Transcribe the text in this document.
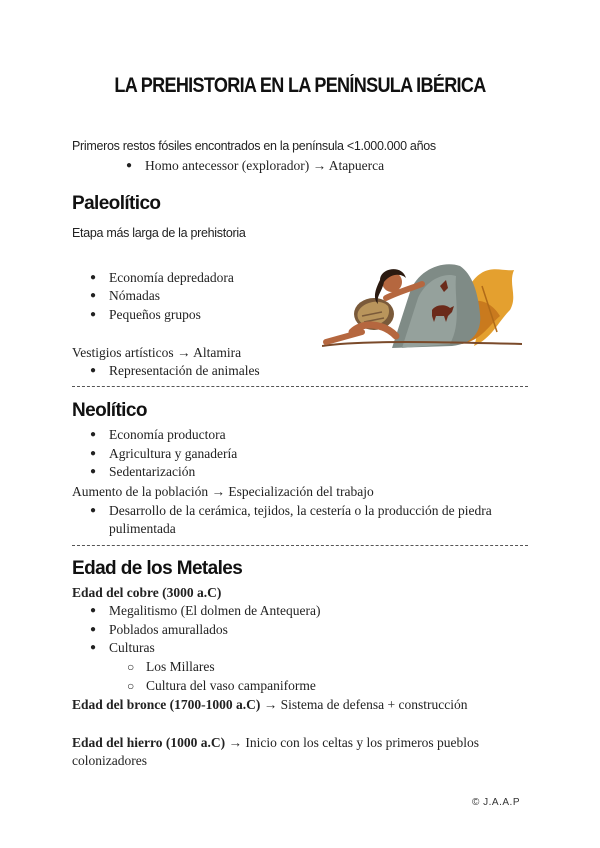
LA PREHISTORIA EN LA PENÍNSULA IBÉRICA
Primeros restos fósiles encontrados en la península <1.000.000 años
● Homo antecessor (explorador) → Atapuerca
Paleolítico
Etapa más larga de la prehistoria
● Economía depredadora
● Nómadas
● Pequeños grupos
Vestigios artísticos → Altamira
● Representación de animales
Neolítico
● Economía productora
● Agricultura y ganadería
● Sedentarización
Aumento de la población → Especialización del trabajo
● Desarrollo de la cerámica, tejidos, la cestería o la producción de piedra
pulimentada
Edad de los Metales
Edad del cobre (3000 a.C)
● Megalitismo (El dolmen de Antequera)
● Poblados amurallados
● Culturas
○ Los Millares
○ Cultura del vaso campaniforme
Edad del bronce (1700-1000 a.C) → Sistema de defensa + construcción
Edad del hierro (1000 a.C) → Inicio con los celtas y los primeros pueblos
colonizadores
© J.A.A.P
